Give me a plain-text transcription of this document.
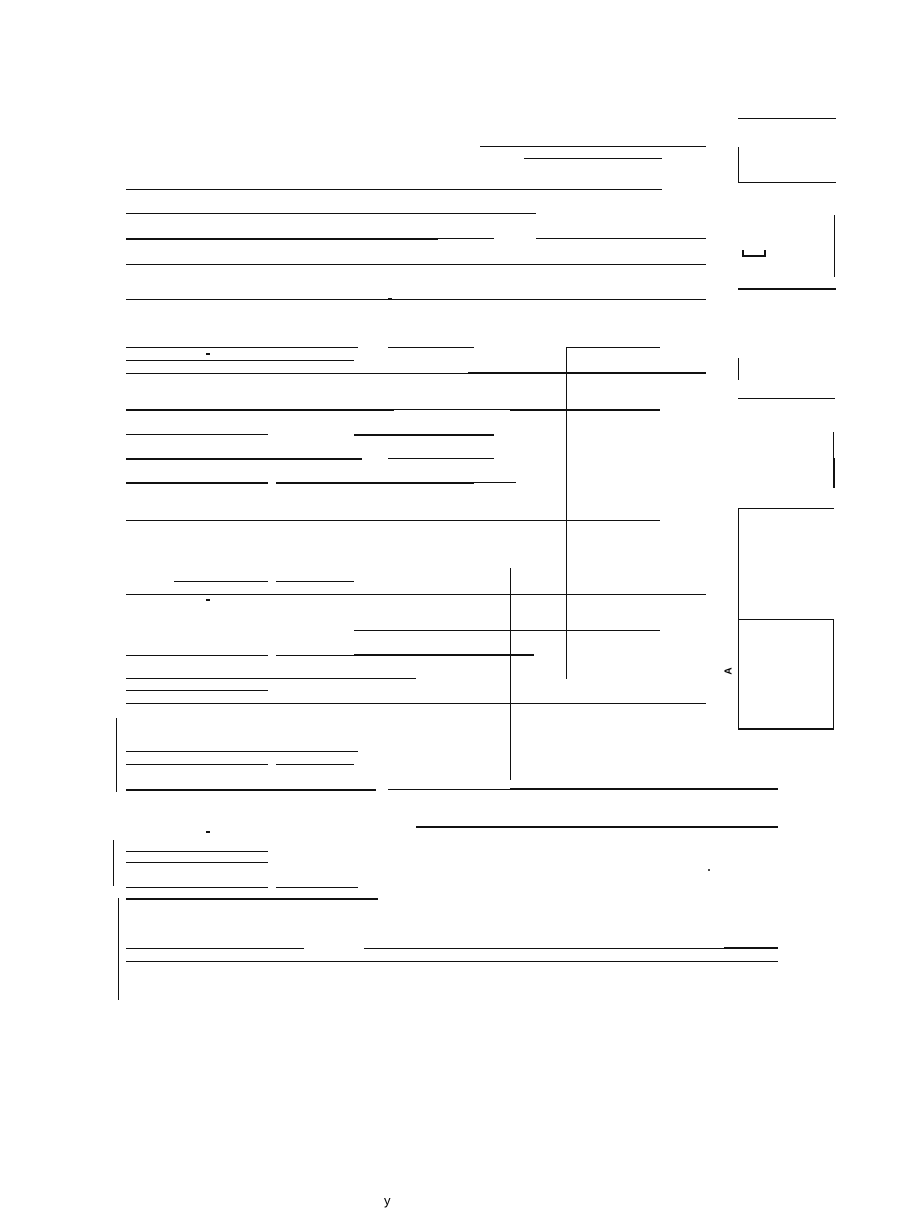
A
y
